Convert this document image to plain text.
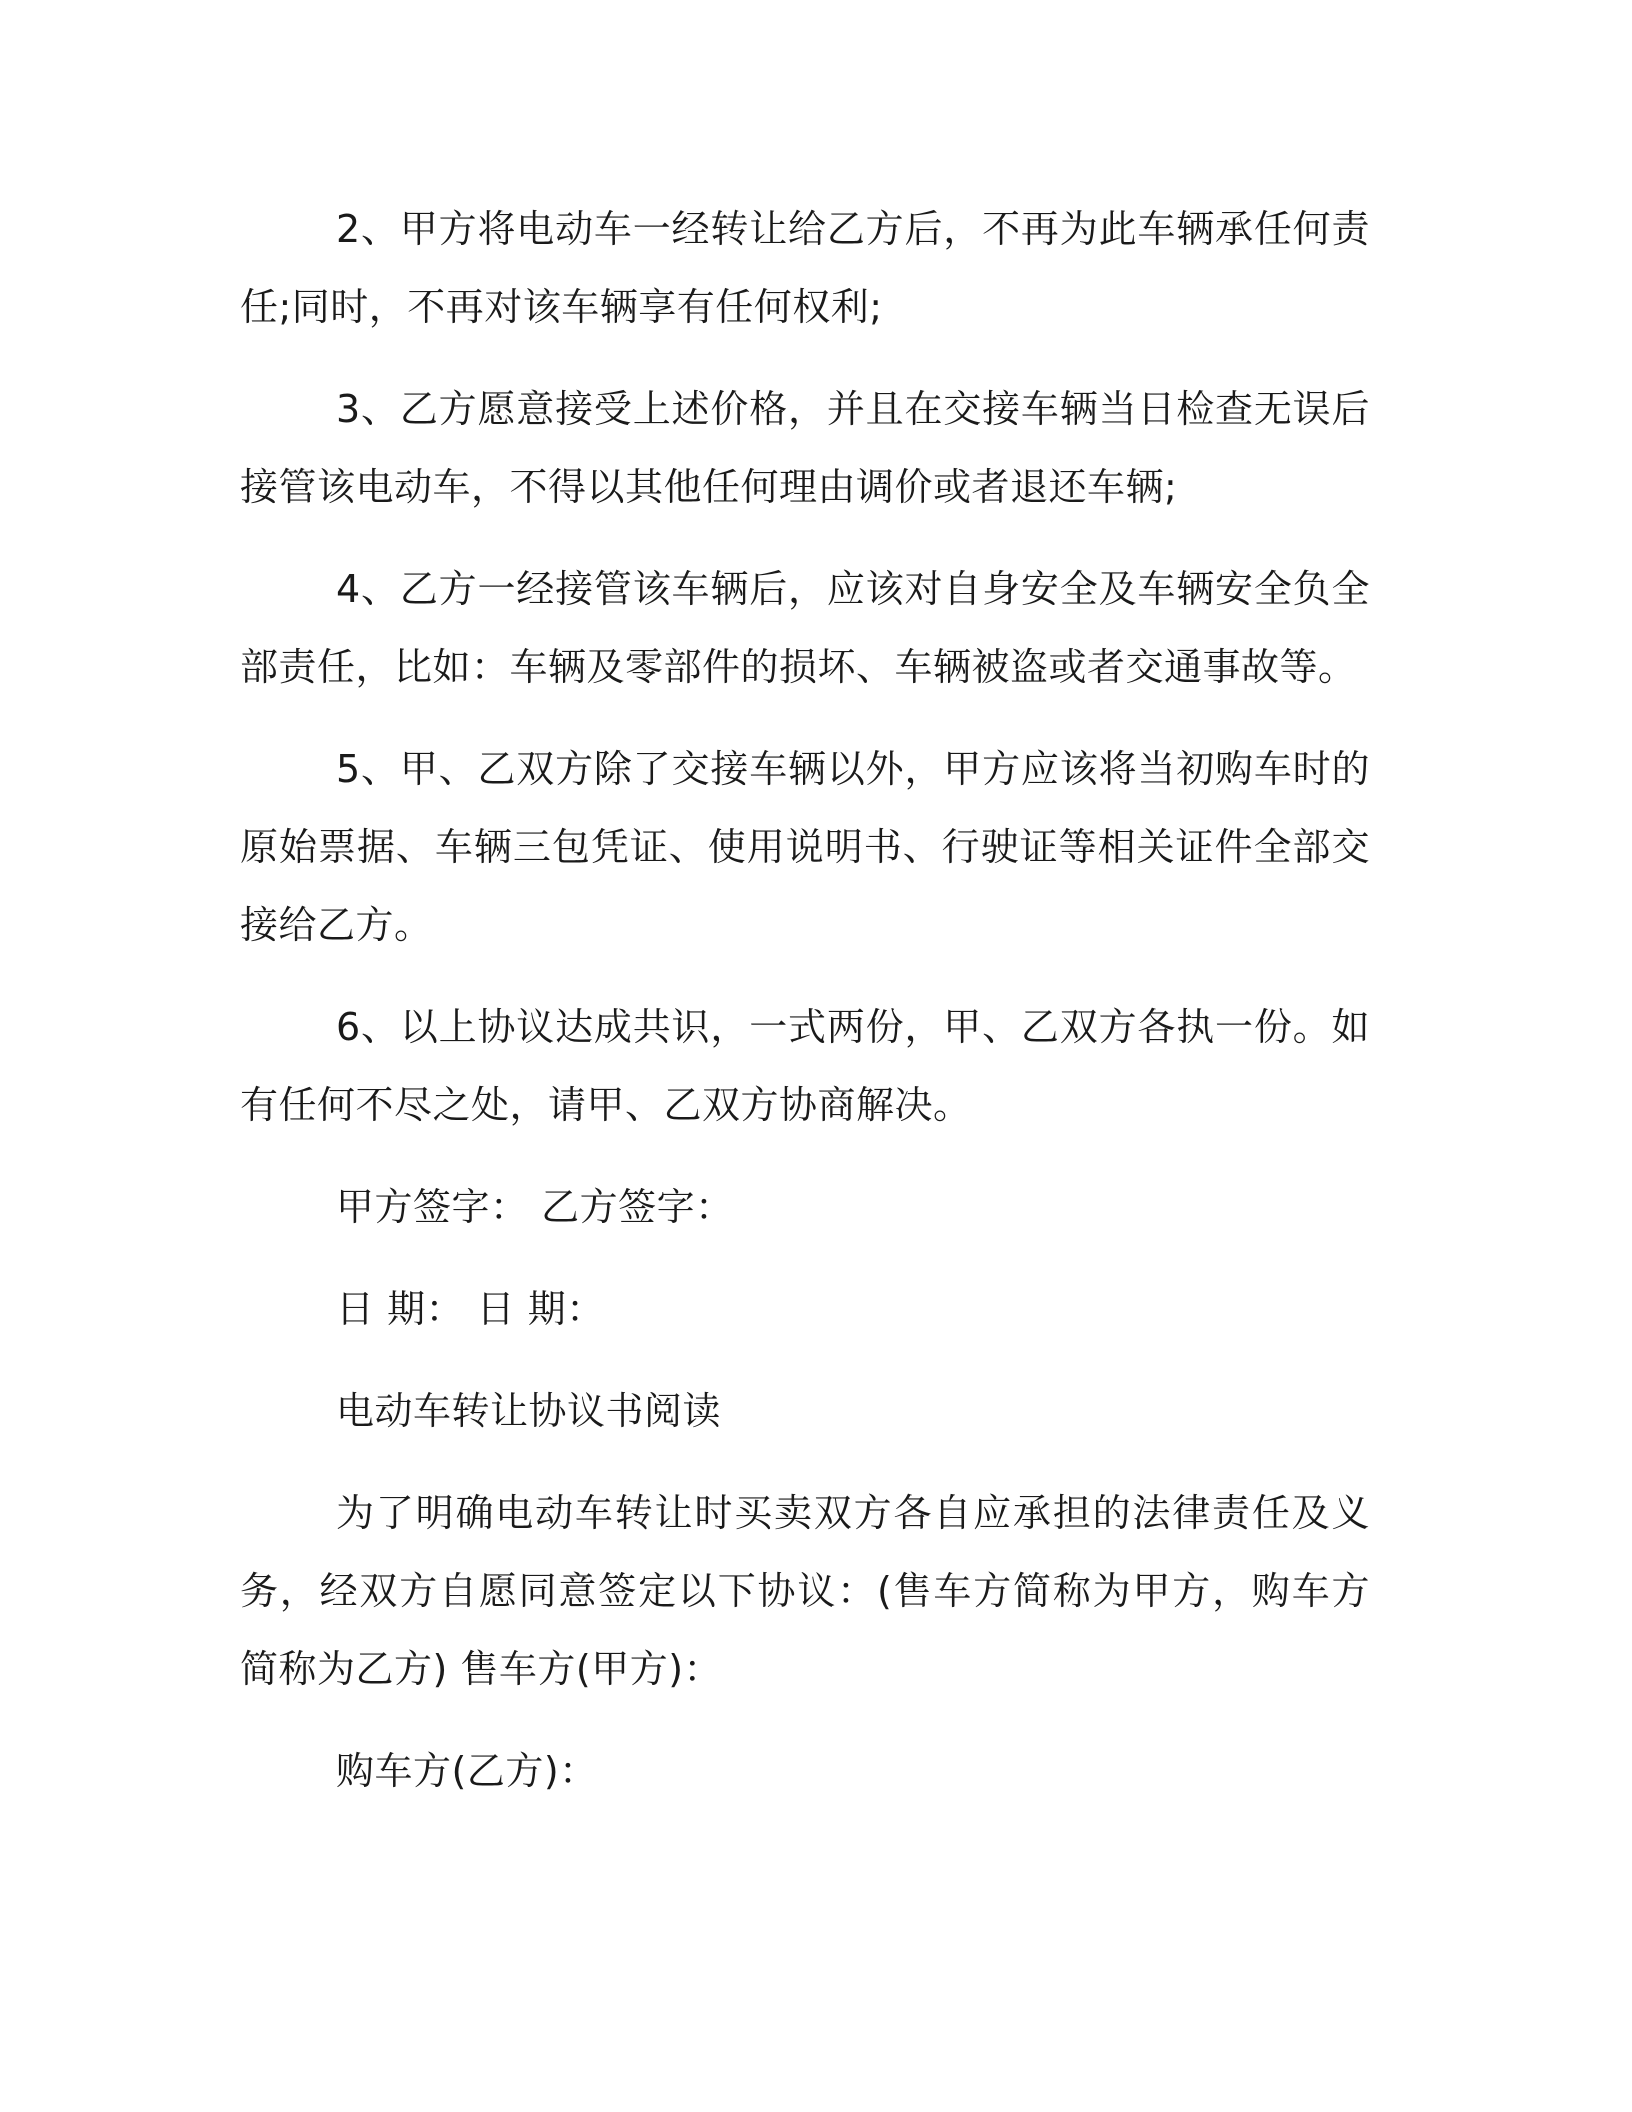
2、甲方将电动车一经转让给乙方后，不再为此车辆承任何责任;同时，不再对该车辆享有任何权利;

3、乙方愿意接受上述价格，并且在交接车辆当日检查无误后接管该电动车，不得以其他任何理由调价或者退还车辆;

4、乙方一经接管该车辆后，应该对自身安全及车辆安全负全部责任，比如：车辆及零部件的损坏、车辆被盗或者交通事故等。

5、甲、乙双方除了交接车辆以外，甲方应该将当初购车时的原始票据、车辆三包凭证、使用说明书、行驶证等相关证件全部交接给乙方。

6、以上协议达成共识，一式两份，甲、乙双方各执一份。如有任何不尽之处，请甲、乙双方协商解决。

甲方签字： 乙方签字：

日 期： 日 期：

电动车转让协议书阅读

为了明确电动车转让时买卖双方各自应承担的法律责任及义务，经双方自愿同意签定以下协议：(售车方简称为甲方，购车方简称为乙方) 售车方(甲方)：

购车方(乙方)：
